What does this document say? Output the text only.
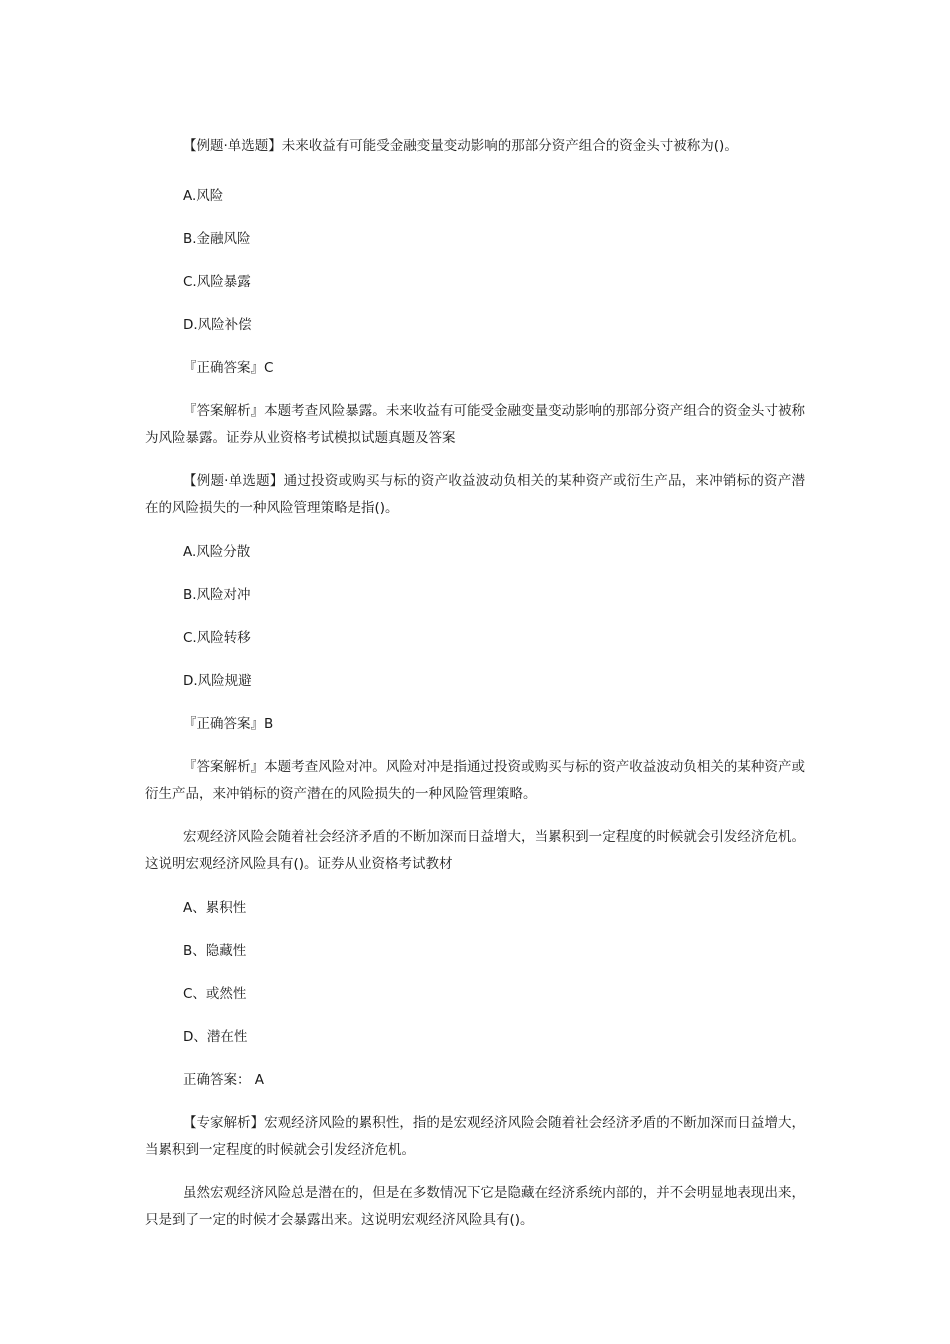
【例题·单选题】未来收益有可能受金融变量变动影响的那部分资产组合的资金头寸被称为()。

A.风险

B.金融风险

C.风险暴露

D.风险补偿

『正确答案』C

『答案解析』本题考查风险暴露。未来收益有可能受金融变量变动影响的那部分资产组合的资金头寸被称为风险暴露。证券从业资格考试模拟试题真题及答案

【例题·单选题】通过投资或购买与标的资产收益波动负相关的某种资产或衍生产品，来冲销标的资产潜在的风险损失的一种风险管理策略是指()。

A.风险分散

B.风险对冲

C.风险转移

D.风险规避

『正确答案』B

『答案解析』本题考查风险对冲。风险对冲是指通过投资或购买与标的资产收益波动负相关的某种资产或衍生产品，来冲销标的资产潜在的风险损失的一种风险管理策略。

宏观经济风险会随着社会经济矛盾的不断加深而日益增大，当累积到一定程度的时候就会引发经济危机。这说明宏观经济风险具有()。证券从业资格考试教材

A、累积性

B、隐藏性

C、或然性

D、潜在性

正确答案： A

【专家解析】宏观经济风险的累积性，指的是宏观经济风险会随着社会经济矛盾的不断加深而日益增大，当累积到一定程度的时候就会引发经济危机。

虽然宏观经济风险总是潜在的，但是在多数情况下它是隐藏在经济系统内部的，并不会明显地表现出来，只是到了一定的时候才会暴露出来。这说明宏观经济风险具有()。
